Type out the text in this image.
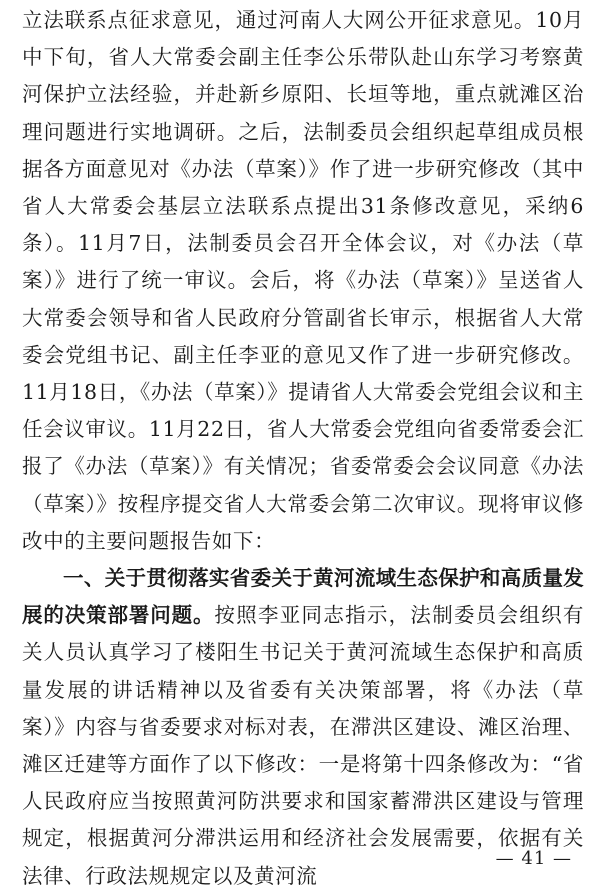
立法联系点征求意见，通过河南人大网公开征求意见。10月中下旬，省人大常委会副主任李公乐带队赴山东学习考察黄河保护立法经验，并赴新乡原阳、长垣等地，重点就滩区治理问题进行实地调研。之后，法制委员会组织起草组成员根据各方面意见对《办法（草案）》作了进一步研究修改（其中省人大常委会基层立法联系点提出31条修改意见，采纳6条）。11月7日，法制委员会召开全体会议，对《办法（草案）》进行了统一审议。会后，将《办法（草案）》呈送省人大常委会领导和省人民政府分管副省长审示，根据省人大常委会党组书记、副主任李亚的意见又作了进一步研究修改。11月18日，《办法（草案）》提请省人大常委会党组会议和主任会议审议。11月22日，省人大常委会党组向省委常委会汇报了《办法（草案）》有关情况；省委常委会会议同意《办法（草案）》按程序提交省人大常委会第二次审议。现将审议修改中的主要问题报告如下：

一、关于贯彻落实省委关于黄河流域生态保护和高质量发展的决策部署问题。按照李亚同志指示，法制委员会组织有关人员认真学习了楼阳生书记关于黄河流域生态保护和高质量发展的讲话精神以及省委有关决策部署，将《办法（草案）》内容与省委要求对标对表，在滞洪区建设、滩区治理、滩区迁建等方面作了以下修改：一是将第十四条修改为：“省人民政府应当按照黄河防洪要求和国家蓄滞洪区建设与管理规定，根据黄河分滞洪运用和经济社会发展需要，依据有关法律、行政法规规定以及黄河流

— 41 —
